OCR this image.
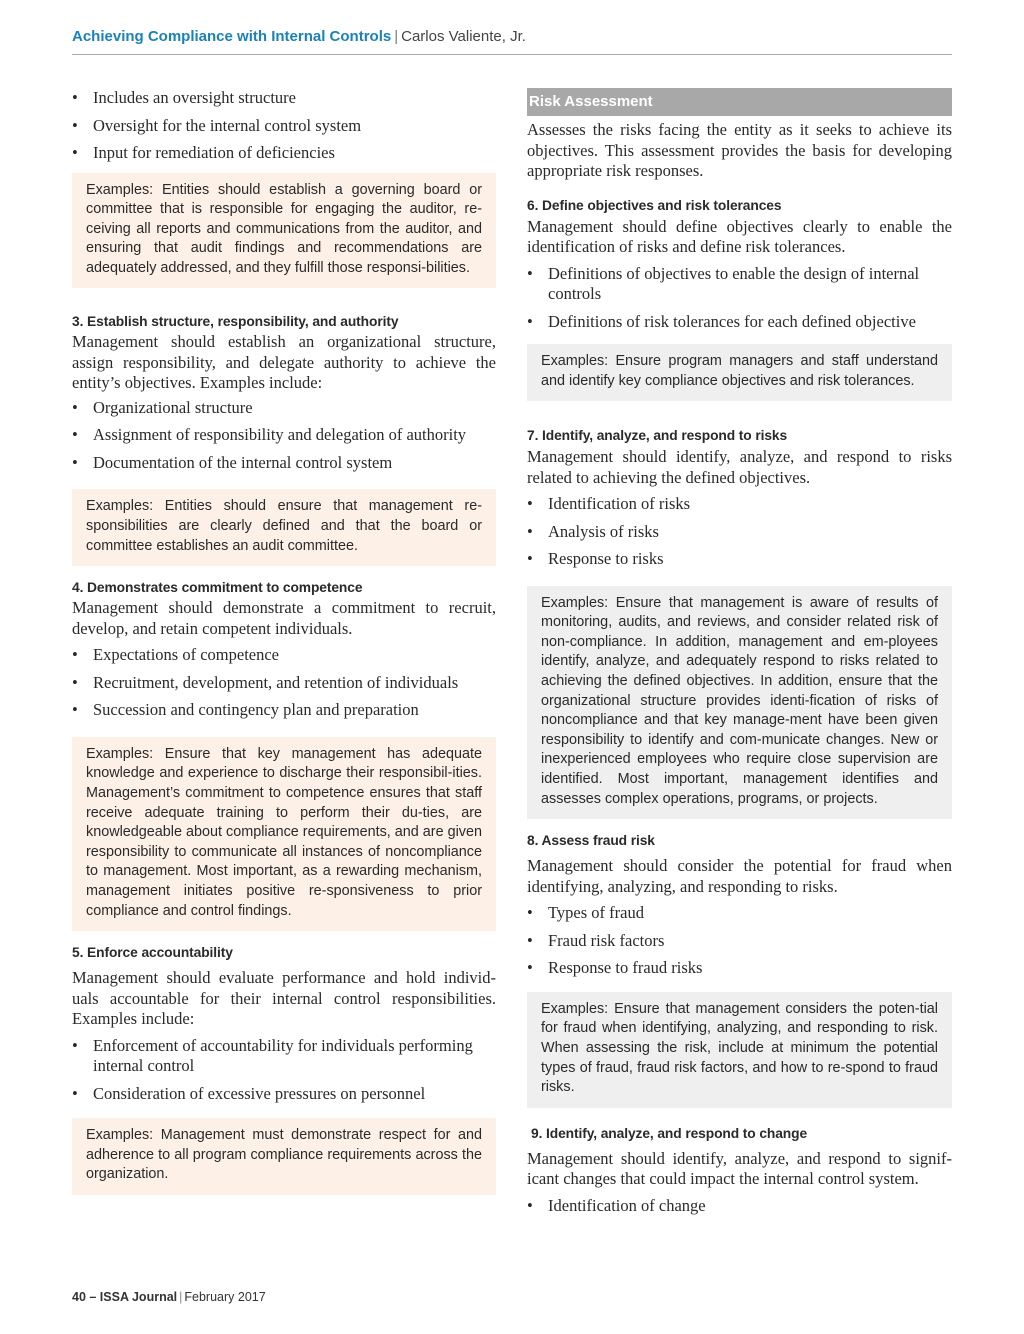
Achieving Compliance with Internal Controls | Carlos Valiente, Jr.
• Includes an oversight structure
• Oversight for the internal control system
• Input for remediation of deficiencies
Examples: Entities should establish a governing board or committee that is responsible for engaging the auditor, re-ceiving all reports and communications from the auditor, and ensuring that audit findings and recommendations are adequately addressed, and they fulfill those responsi-bilities.
3. Establish structure, responsibility, and authority

Management should establish an organizational structure, assign responsibility, and delegate authority to achieve the entity’s objectives. Examples include:

• Organizational structure
• Assignment of responsibility and delegation of authority
• Documentation of the internal control system
Examples: Entities should ensure that management re-sponsibilities are clearly defined and that the board or committee establishes an audit committee.
4. Demonstrates commitment to competence

Management should demonstrate a commitment to recruit, develop, and retain competent individuals.

• Expectations of competence
• Recruitment, development, and retention of individuals
• Succession and contingency plan and preparation
Examples: Ensure that key management has adequate knowledge and experience to discharge their responsibil-ities. Management’s commitment to competence ensures that staff receive adequate training to perform their du-ties, are knowledgeable about compliance requirements, and are given responsibility to communicate all instances of noncompliance to management. Most important, as a rewarding mechanism, management initiates positive re-sponsiveness to prior compliance and control findings.
5. Enforce accountability

Management should evaluate performance and hold individ-uals accountable for their internal control responsibilities. Examples include:

• Enforcement of accountability for individuals performing internal control
• Consideration of excessive pressures on personnel
Examples: Management must demonstrate respect for and adherence to all program compliance requirements across the organization.
Risk Assessment

Assesses the risks facing the entity as it seeks to achieve its objectives. This assessment provides the basis for developing appropriate risk responses.

6. Define objectives and risk tolerances

Management should define objectives clearly to enable the identification of risks and define risk tolerances.

• Definitions of objectives to enable the design of internal controls
• Definitions of risk tolerances for each defined objective
Examples: Ensure program managers and staff understand and identify key compliance objectives and risk tolerances.
7. Identify, analyze, and respond to risks

Management should identify, analyze, and respond to risks related to achieving the defined objectives.

• Identification of risks
• Analysis of risks
• Response to risks
Examples: Ensure that management is aware of results of monitoring, audits, and reviews, and consider related risk of non-compliance. In addition, management and em-ployees identify, analyze, and adequately respond to risks related to achieving the defined objectives. In addition, ensure that the organizational structure provides identi-fication of risks of noncompliance and that key manage-ment have been given responsibility to identify and com-municate changes. New or inexperienced employees who require close supervision are identified. Most important, management identifies and assesses complex operations, programs, or projects.
8. Assess fraud risk

Management should consider the potential for fraud when identifying, analyzing, and responding to risks.

• Types of fraud
• Fraud risk factors
• Response to fraud risks
Examples: Ensure that management considers the poten-tial for fraud when identifying, analyzing, and responding to risk. When assessing the risk, include at minimum the potential types of fraud, fraud risk factors, and how to re-spond to fraud risks.
9. Identify, analyze, and respond to change

Management should identify, analyze, and respond to signif-icant changes that could impact the internal control system.

• Identification of change
40 – ISSA Journal | February 2017
